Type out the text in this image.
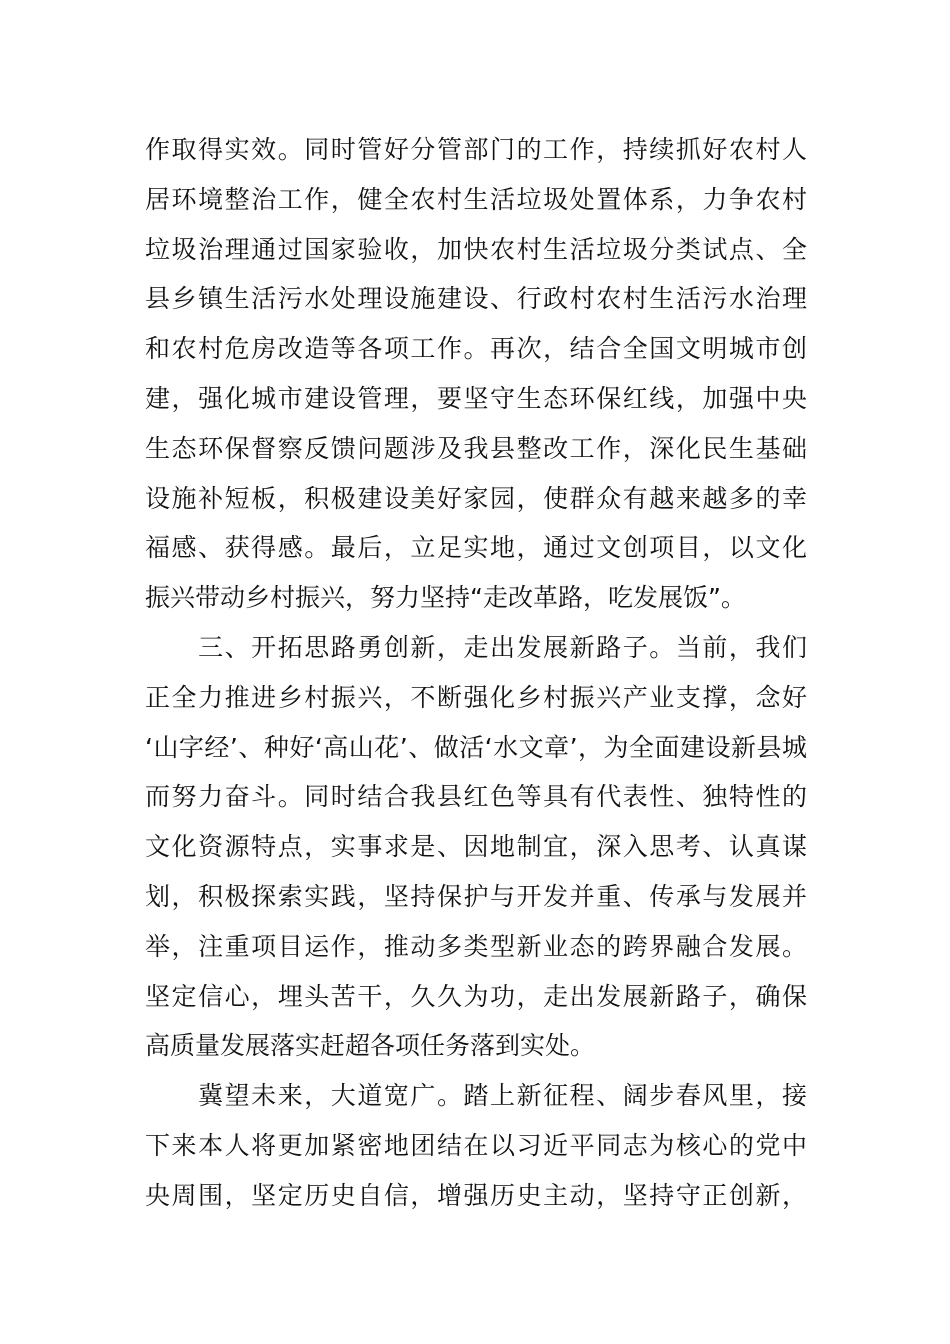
作取得实效。同时管好分管部门的工作，持续抓好农村人
居环境整治工作，健全农村生活垃圾处置体系，力争农村
垃圾治理通过国家验收，加快农村生活垃圾分类试点、全
县乡镇生活污水处理设施建设、行政村农村生活污水治理
和农村危房改造等各项工作。再次，结合全国文明城市创
建，强化城市建设管理，要坚守生态环保红线，加强中央
生态环保督察反馈问题涉及我县整改工作，深化民生基础
设施补短板，积极建设美好家园，使群众有越来越多的幸
福感、获得感。最后，立足实地，通过文创项目，以文化
振兴带动乡村振兴，努力坚持“走改革路，吃发展饭”。
　　三、开拓思路勇创新，走出发展新路子。当前，我们
正全力推进乡村振兴，不断强化乡村振兴产业支撑，念好
‘山字经’、种好‘高山花’、做活‘水文章’，为全面建设新县城
而努力奋斗。同时结合我县红色等具有代表性、独特性的
文化资源特点，实事求是、因地制宜，深入思考、认真谋
划，积极探索实践，坚持保护与开发并重、传承与发展并
举，注重项目运作，推动多类型新业态的跨界融合发展。
坚定信心，埋头苦干，久久为功，走出发展新路子，确保
高质量发展落实赶超各项任务落到实处。
　　冀望未来，大道宽广。踏上新征程、阔步春风里，接
下来本人将更加紧密地团结在以习近平同志为核心的党中
央周围，坚定历史自信，增强历史主动，坚持守正创新，
